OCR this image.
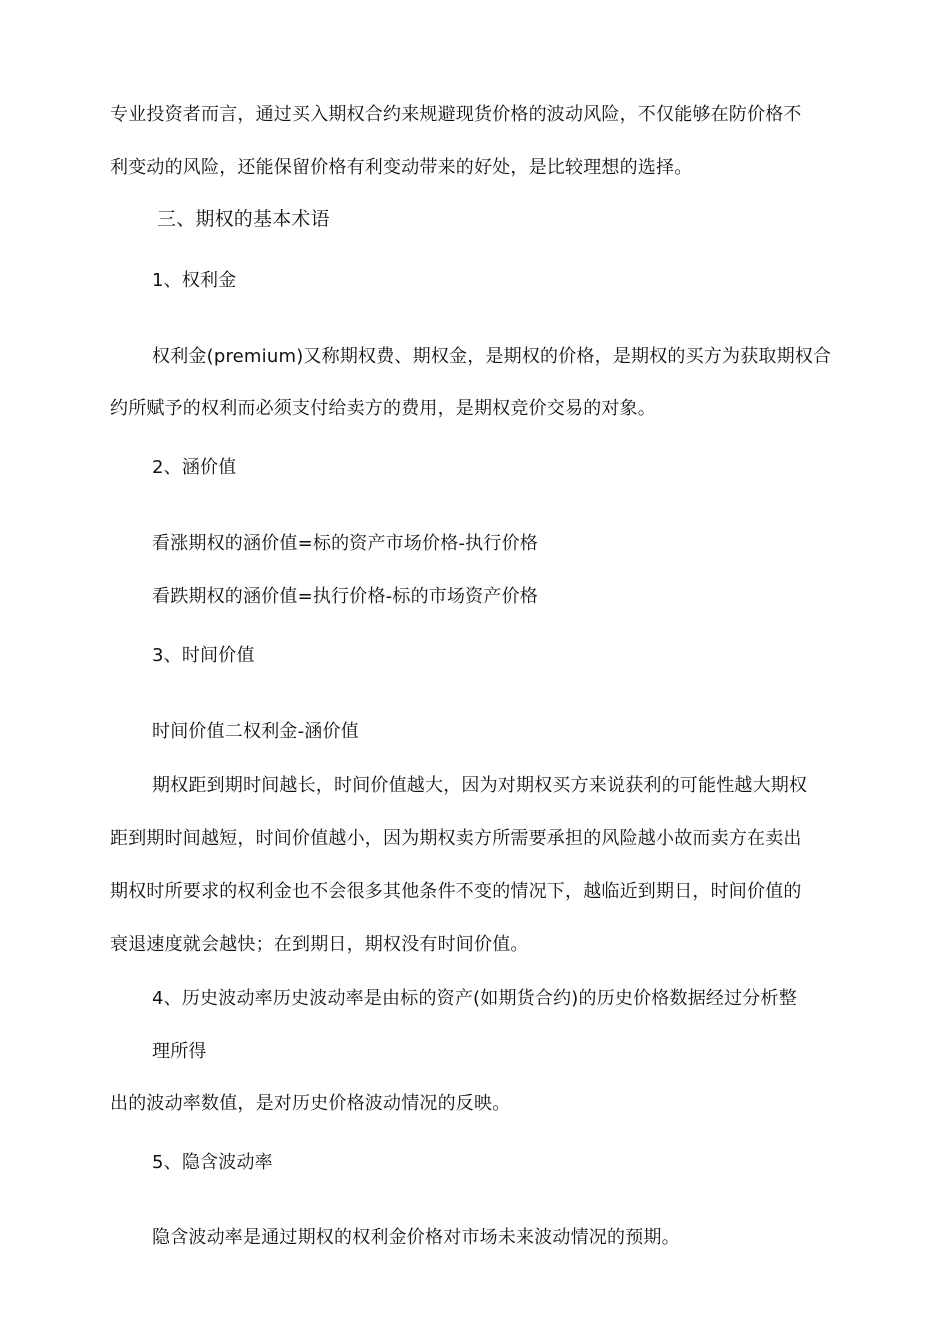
专业投资者而言，通过买入期权合约来规避现货价格的波动风险，不仅能够在防价格不
利变动的风险，还能保留价格有利变动带来的好处，是比较理想的选择。
三、期权的基本术语
1、权利金
权利金(premium)又称期权费、期权金，是期权的价格，是期权的买方为获取期权合
约所赋予的权利而必须支付给卖方的费用，是期权竞价交易的对象。
2、涵价值
看涨期权的涵价值=标的资产市场价格-执行价格
看跌期权的涵价值=执行价格-标的市场资产价格
3、时间价值
时间价值二权利金-涵价值
期权距到期时间越长，时间价值越大，因为对期权买方来说获利的可能性越大期权
距到期时间越短，时间价值越小，因为期权卖方所需要承担的风险越小故而卖方在卖出
期权时所要求的权利金也不会很多其他条件不变的情况下，越临近到期日，时间价值的
衰退速度就会越快；在到期日，期权没有时间价值。
4、历史波动率历史波动率是由标的资产(如期货合约)的历史价格数据经过分析整
理所得
出的波动率数值，是对历史价格波动情况的反映。
5、隐含波动率
隐含波动率是通过期权的权利金价格对市场未来波动情况的预期。
